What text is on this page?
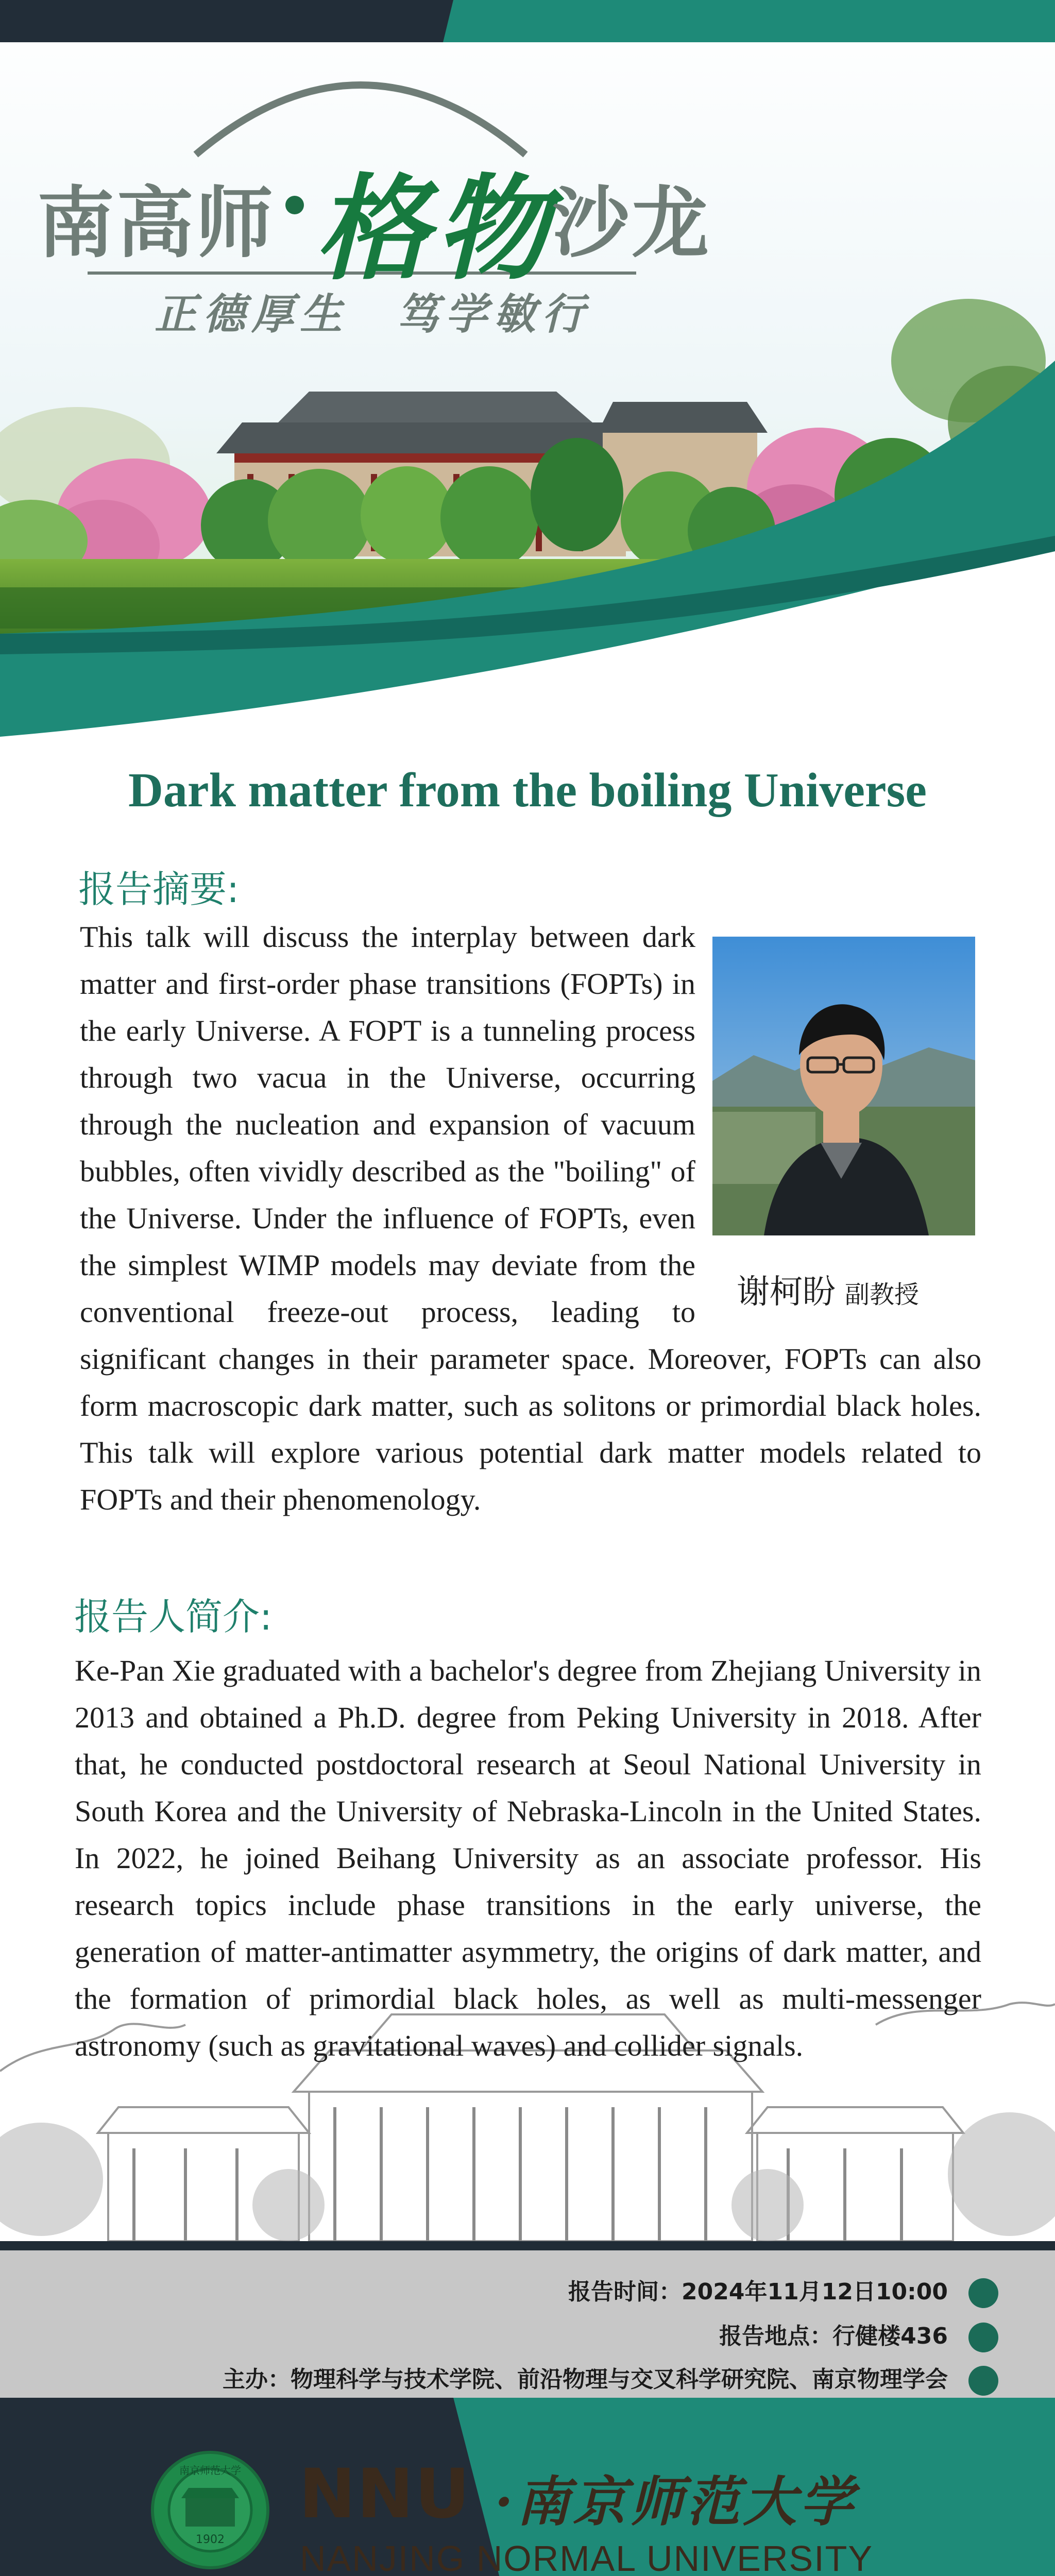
南高师 格物
沙龙
正德厚生　笃学敏行
Dark matter from the boiling Universe
报告摘要:
This talk will discuss the interplay between dark matter and first-order phase transitions (FOPTs) in the early Universe. A FOPT is a tunneling process through two vacua in the Universe, occurring through the nucleation and expansion of vacuum bubbles, often vividly described as the "boiling" of the Universe. Under the influence of FOPTs, even the simplest WIMP models may deviate from the conventional freeze-out process, leading to significant changes in their parameter space. Moreover, FOPTs can also form macroscopic dark matter, such as solitons or primordial black holes. This talk will explore various potential dark matter models related to FOPTs and their phenomenology.
谢柯盼 副教授
报告人简介:
Ke-Pan Xie graduated with a bachelor's degree from Zhejiang University in 2013 and obtained a Ph.D. degree from Peking University in 2018. After that, he conducted postdoctoral research at Seoul National University in South Korea and the University of Nebraska-Lincoln in the United States. In 2022, he joined Beihang University as an associate professor. His research topics include phase transitions in the early universe, the generation of matter-antimatter asymmetry, the origins of dark matter, and the formation of primordial black holes, as well as multi-messenger astronomy (such as gravitational waves) and collider signals.
报告时间：2024年11月12日10:00
报告地点：行健楼436
主办：物理科学与技术学院、前沿物理与交叉科学研究院、南京物理学会
南京师范大学
1902
NNU ·南京师范大学
NANJING NORMAL UNIVERSITY
